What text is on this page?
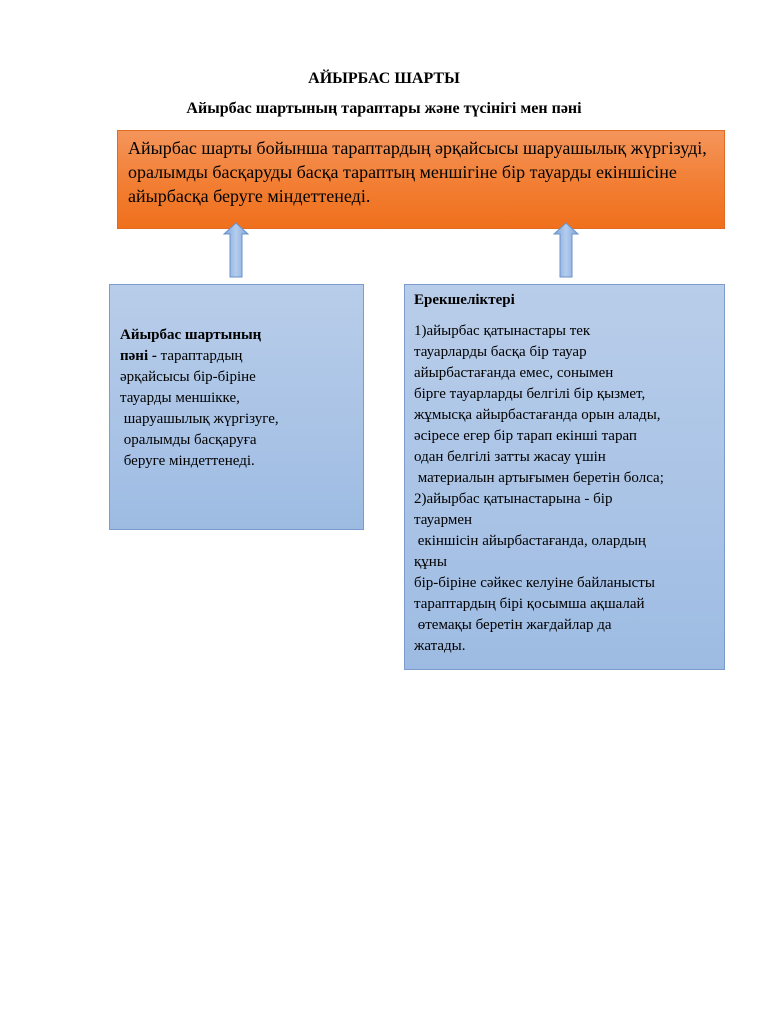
АЙЫРБАС ШАРТЫ
Айырбас шартының тараптары және түсінігі мен пәні
Айырбас шарты бойынша тараптардың әрқайсысы шаруашылық жүргізуді, оралымды басқаруды басқа тараптың меншігіне бір тауарды екіншісіне айырбасқа беруге міндеттенеді.
Айырбас шартының
пәні - тараптардың
әрқайсысы бір-біріне
тауарды меншікке,
шаруашылық жүргізуге,
оралымды басқаруға
беруге міндеттенеді.
Ерекшеліктері
1)айырбас қатынастары тек
тауарларды басқа бір тауар
айырбастағанда емес, сонымен
бірге тауарларды белгілі бір қызмет,
жұмысқа айырбастағанда орын алады,
әсіресе егер бір тарап екінші тарап
одан белгілі затты жасау үшін
материалын артығымен беретін болса;
2)айырбас қатынастарына - бір
тауармен
екіншісін айырбастағанда, олардың
құны
бір-біріне сәйкес келуіне байланысты
тараптардың бірі қосымша ақшалай
өтемақы беретін жағдайлар да
жатады.
